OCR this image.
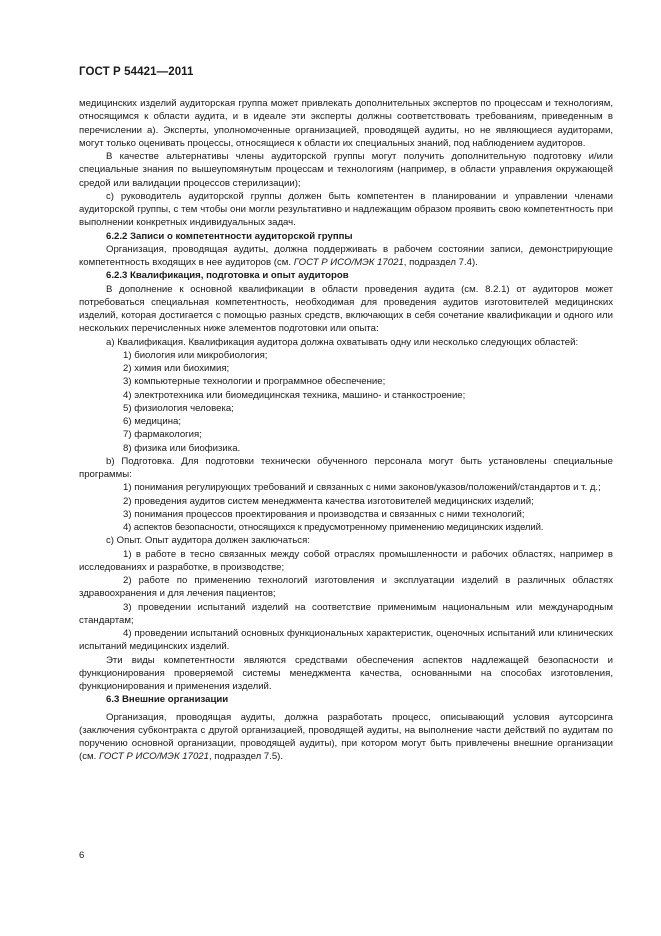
ГОСТ Р 54421—2011

медицинских изделий аудиторская группа может привлекать дополнительных экспертов по процессам и технологиям, относящимся к области аудита, и в идеале эти эксперты должны соответствовать требованиям, приведенным в перечислении а). Эксперты, уполномоченные организацией, проводящей аудиты, но не являющиеся аудиторами, могут только оценивать процессы, относящиеся к области их специальных знаний, под наблюдением аудиторов.

В качестве альтернативы члены аудиторской группы могут получить дополнительную подготовку и/или специальные знания по вышеупомянутым процессам и технологиям (например, в области управления окружающей средой или валидации процессов стерилизации);

c) руководитель аудиторской группы должен быть компетентен в планировании и управлении членами аудиторской группы, с тем чтобы они могли результативно и надлежащим образом проявить свою компетентность при выполнении конкретных индивидуальных задач.

6.2.2 Записи о компетентности аудиторской группы

Организация, проводящая аудиты, должна поддерживать в рабочем состоянии записи, демонстрирующие компетентность входящих в нее аудиторов (см. ГОСТ Р ИСО/МЭК 17021, подраздел 7.4).

6.2.3 Квалификация, подготовка и опыт аудиторов

В дополнение к основной квалификации в области проведения аудита (см. 8.2.1) от аудиторов может потребоваться специальная компетентность, необходимая для проведения аудитов изготовителей медицинских изделий, которая достигается с помощью разных средств, включающих в себя сочетание квалификации и одного или нескольких перечисленных ниже элементов подготовки или опыта:

а) Квалификация. Квалификация аудитора должна охватывать одну или несколько следующих областей:

1) биология или микробиология;

2) химия или биохимия;

3) компьютерные технологии и программное обеспечение;

4) электротехника или биомедицинская техника, машино- и станкостроение;

5) физиология человека;

6) медицина;

7) фармакология;

8) физика или биофизика.

b) Подготовка. Для подготовки технически обученного персонала могут быть установлены специальные программы:

1) понимания регулирующих требований и связанных с ними законов/указов/положений/стандартов и т. д.;

2) проведения аудитов систем менеджмента качества изготовителей медицинских изделий;

3) понимания процессов проектирования и производства и связанных с ними технологий;

4) аспектов безопасности, относящихся к предусмотренному применению медицинских изделий.

c) Опыт. Опыт аудитора должен заключаться:

1) в работе в тесно связанных между собой отраслях промышленности и рабочих областях, например в исследованиях и разработке, в производстве;

2) работе по применению технологий изготовления и эксплуатации изделий в различных областях здравоохранения и для лечения пациентов;

3) проведении испытаний изделий на соответствие применимым национальным или международным стандартам;

4) проведении испытаний основных функциональных характеристик, оценочных испытаний или клинических испытаний медицинских изделий.

Эти виды компетентности являются средствами обеспечения аспектов надлежащей безопасности и функционирования проверяемой системы менеджмента качества, основанными на способах изготовления, функционирования и применения изделий.

6.3 Внешние организации

Организация, проводящая аудиты, должна разработать процесс, описывающий условия аутсорсинга (заключения субконтракта с другой организацией, проводящей аудиты, на выполнение части действий по аудитам по поручению основной организации, проводящей аудиты), при котором могут быть привлечены внешние организации (см. ГОСТ Р ИСО/МЭК 17021, подраздел 7.5).

6
